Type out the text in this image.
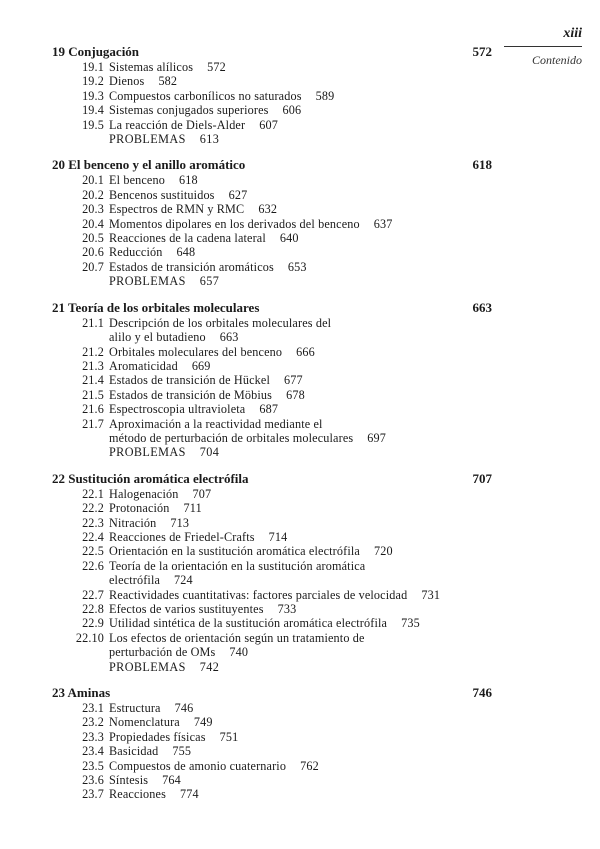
xiii
Contenido
19 Conjugación	572
19.1 Sistemas alílicos 572
19.2 Dienos 582
19.3 Compuestos carbonílicos no saturados 589
19.4 Sistemas conjugados superiores 606
19.5 La reacción de Diels-Alder 607
PROBLEMAS 613
20 El benceno y el anillo aromático	618
20.1 El benceno 618
20.2 Bencenos sustituidos 627
20.3 Espectros de RMN y RMC 632
20.4 Momentos dipolares en los derivados del benceno 637
20.5 Reacciones de la cadena lateral 640
20.6 Reducción 648
20.7 Estados de transición aromáticos 653
PROBLEMAS 657
21 Teoría de los orbitales moleculares	663
21.1 Descripción de los orbitales moleculares del
alilo y el butadieno 663
21.2 Orbitales moleculares del benceno 666
21.3 Aromaticidad 669
21.4 Estados de transición de Hückel 677
21.5 Estados de transición de Möbius 678
21.6 Espectroscopia ultravioleta 687
21.7 Aproximación a la reactividad mediante el
método de perturbación de orbitales moleculares 697
PROBLEMAS 704
22 Sustitución aromática electrófila	707
22.1 Halogenación 707
22.2 Protonación 711
22.3 Nitración 713
22.4 Reacciones de Friedel-Crafts 714
22.5 Orientación en la sustitución aromática electrófila 720
22.6 Teoría de la orientación en la sustitución aromática
electrófila 724
22.7 Reactividades cuantitativas: factores parciales de velocidad 731
22.8 Efectos de varios sustituyentes 733
22.9 Utilidad sintética de la sustitución aromática electrófila 735
22.10 Los efectos de orientación según un tratamiento de
perturbación de OMs 740
PROBLEMAS 742
23 Aminas	746
23.1 Estructura 746
23.2 Nomenclatura 749
23.3 Propiedades físicas 751
23.4 Basicidad 755
23.5 Compuestos de amonio cuaternario 762
23.6 Síntesis 764
23.7 Reacciones 774
